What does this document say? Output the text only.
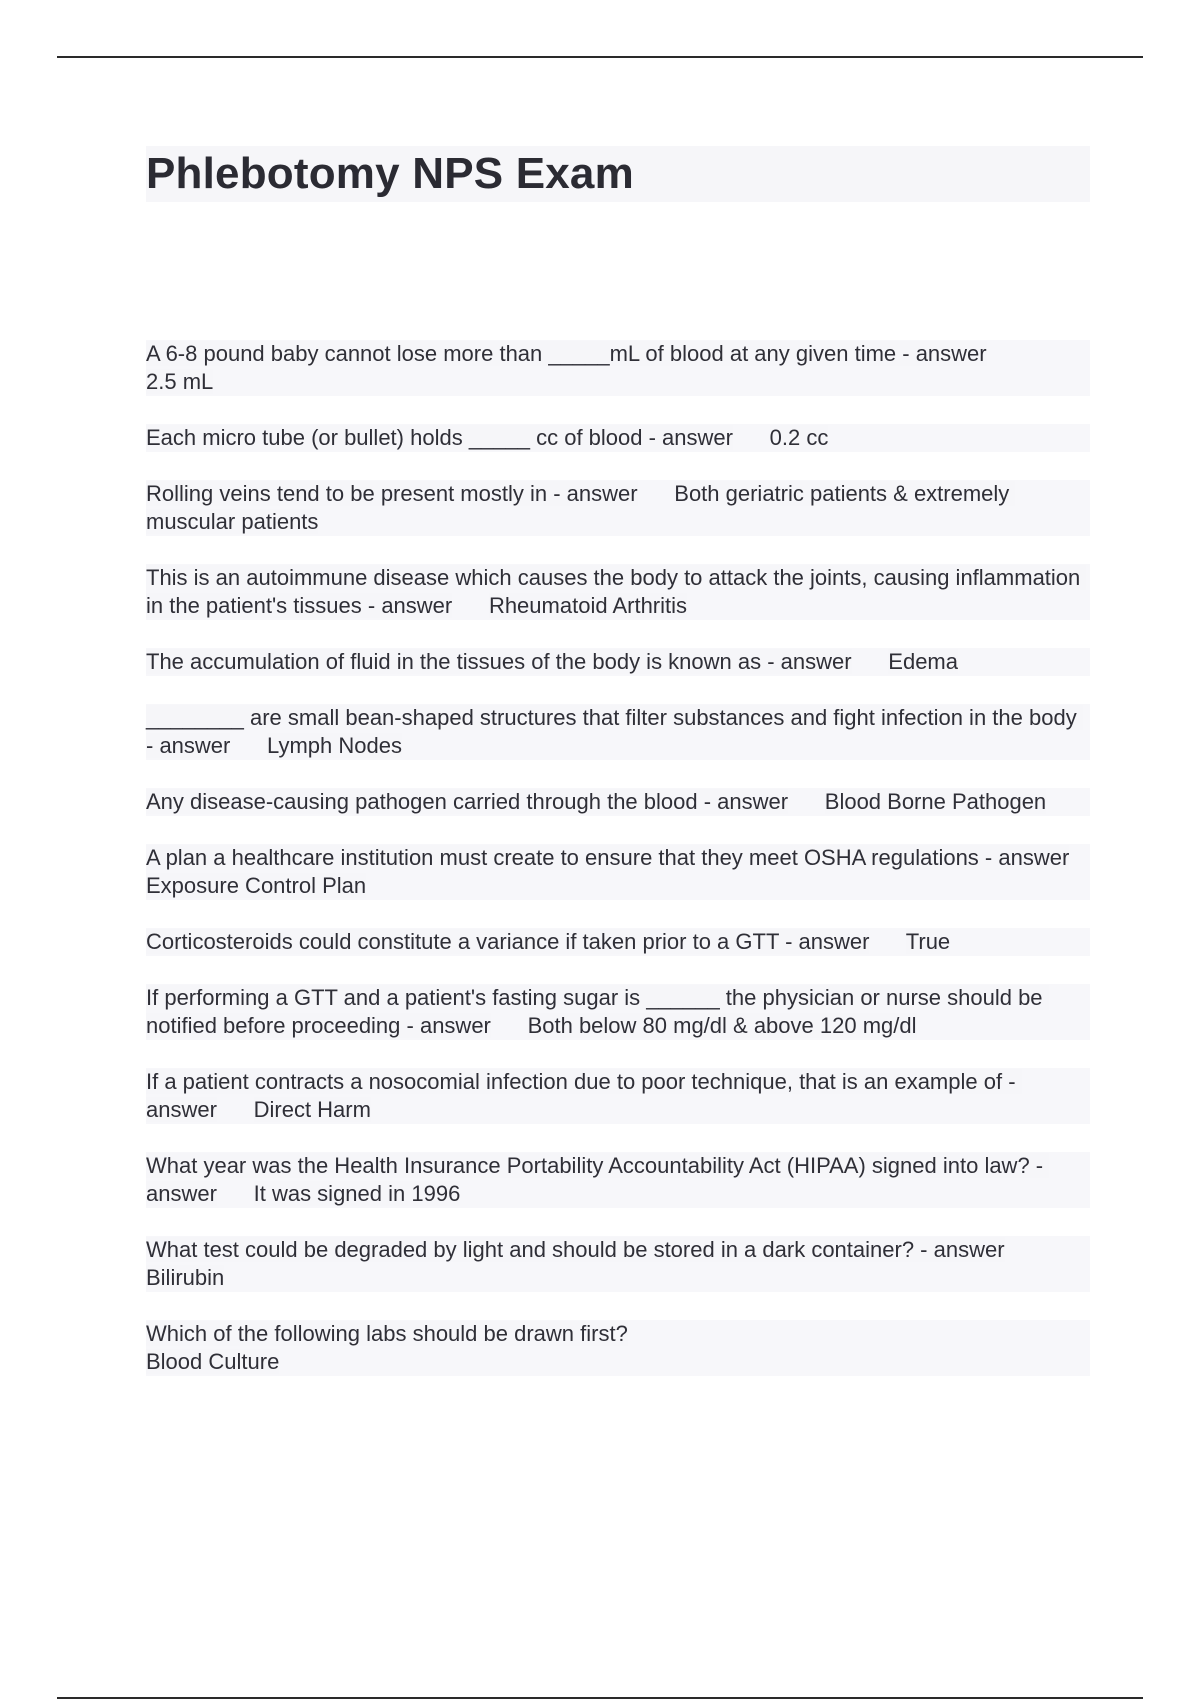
Phlebotomy NPS Exam

A 6-8 pound baby cannot lose more than _____mL of blood at any given time - answer
2.5 mL

Each micro tube (or bullet) holds _____ cc of blood - answer 0.2 cc

Rolling veins tend to be present mostly in - answer Both geriatric patients & extremely muscular patients

This is an autoimmune disease which causes the body to attack the joints, causing inflammation in the patient's tissues - answer Rheumatoid Arthritis

The accumulation of fluid in the tissues of the body is known as - answer Edema

________ are small bean-shaped structures that filter substances and fight infection in the body - answer Lymph Nodes

Any disease-causing pathogen carried through the blood - answer Blood Borne Pathogen

A plan a healthcare institution must create to ensure that they meet OSHA regulations - answer      Exposure Control Plan

Corticosteroids could constitute a variance if taken prior to a GTT - answer True

If performing a GTT and a patient's fasting sugar is ______ the physician or nurse should be notified before proceeding - answer Both below 80 mg/dl & above 120 mg/dl

If a patient contracts a nosocomial infection due to poor technique, that is an example of - answer Direct Harm

What year was the Health Insurance Portability Accountability Act (HIPAA) signed into law? - answer It was signed in 1996

What test could be degraded by light and should be stored in a dark container? - answer      Bilirubin

Which of the following labs should be drawn first?
Blood Culture
